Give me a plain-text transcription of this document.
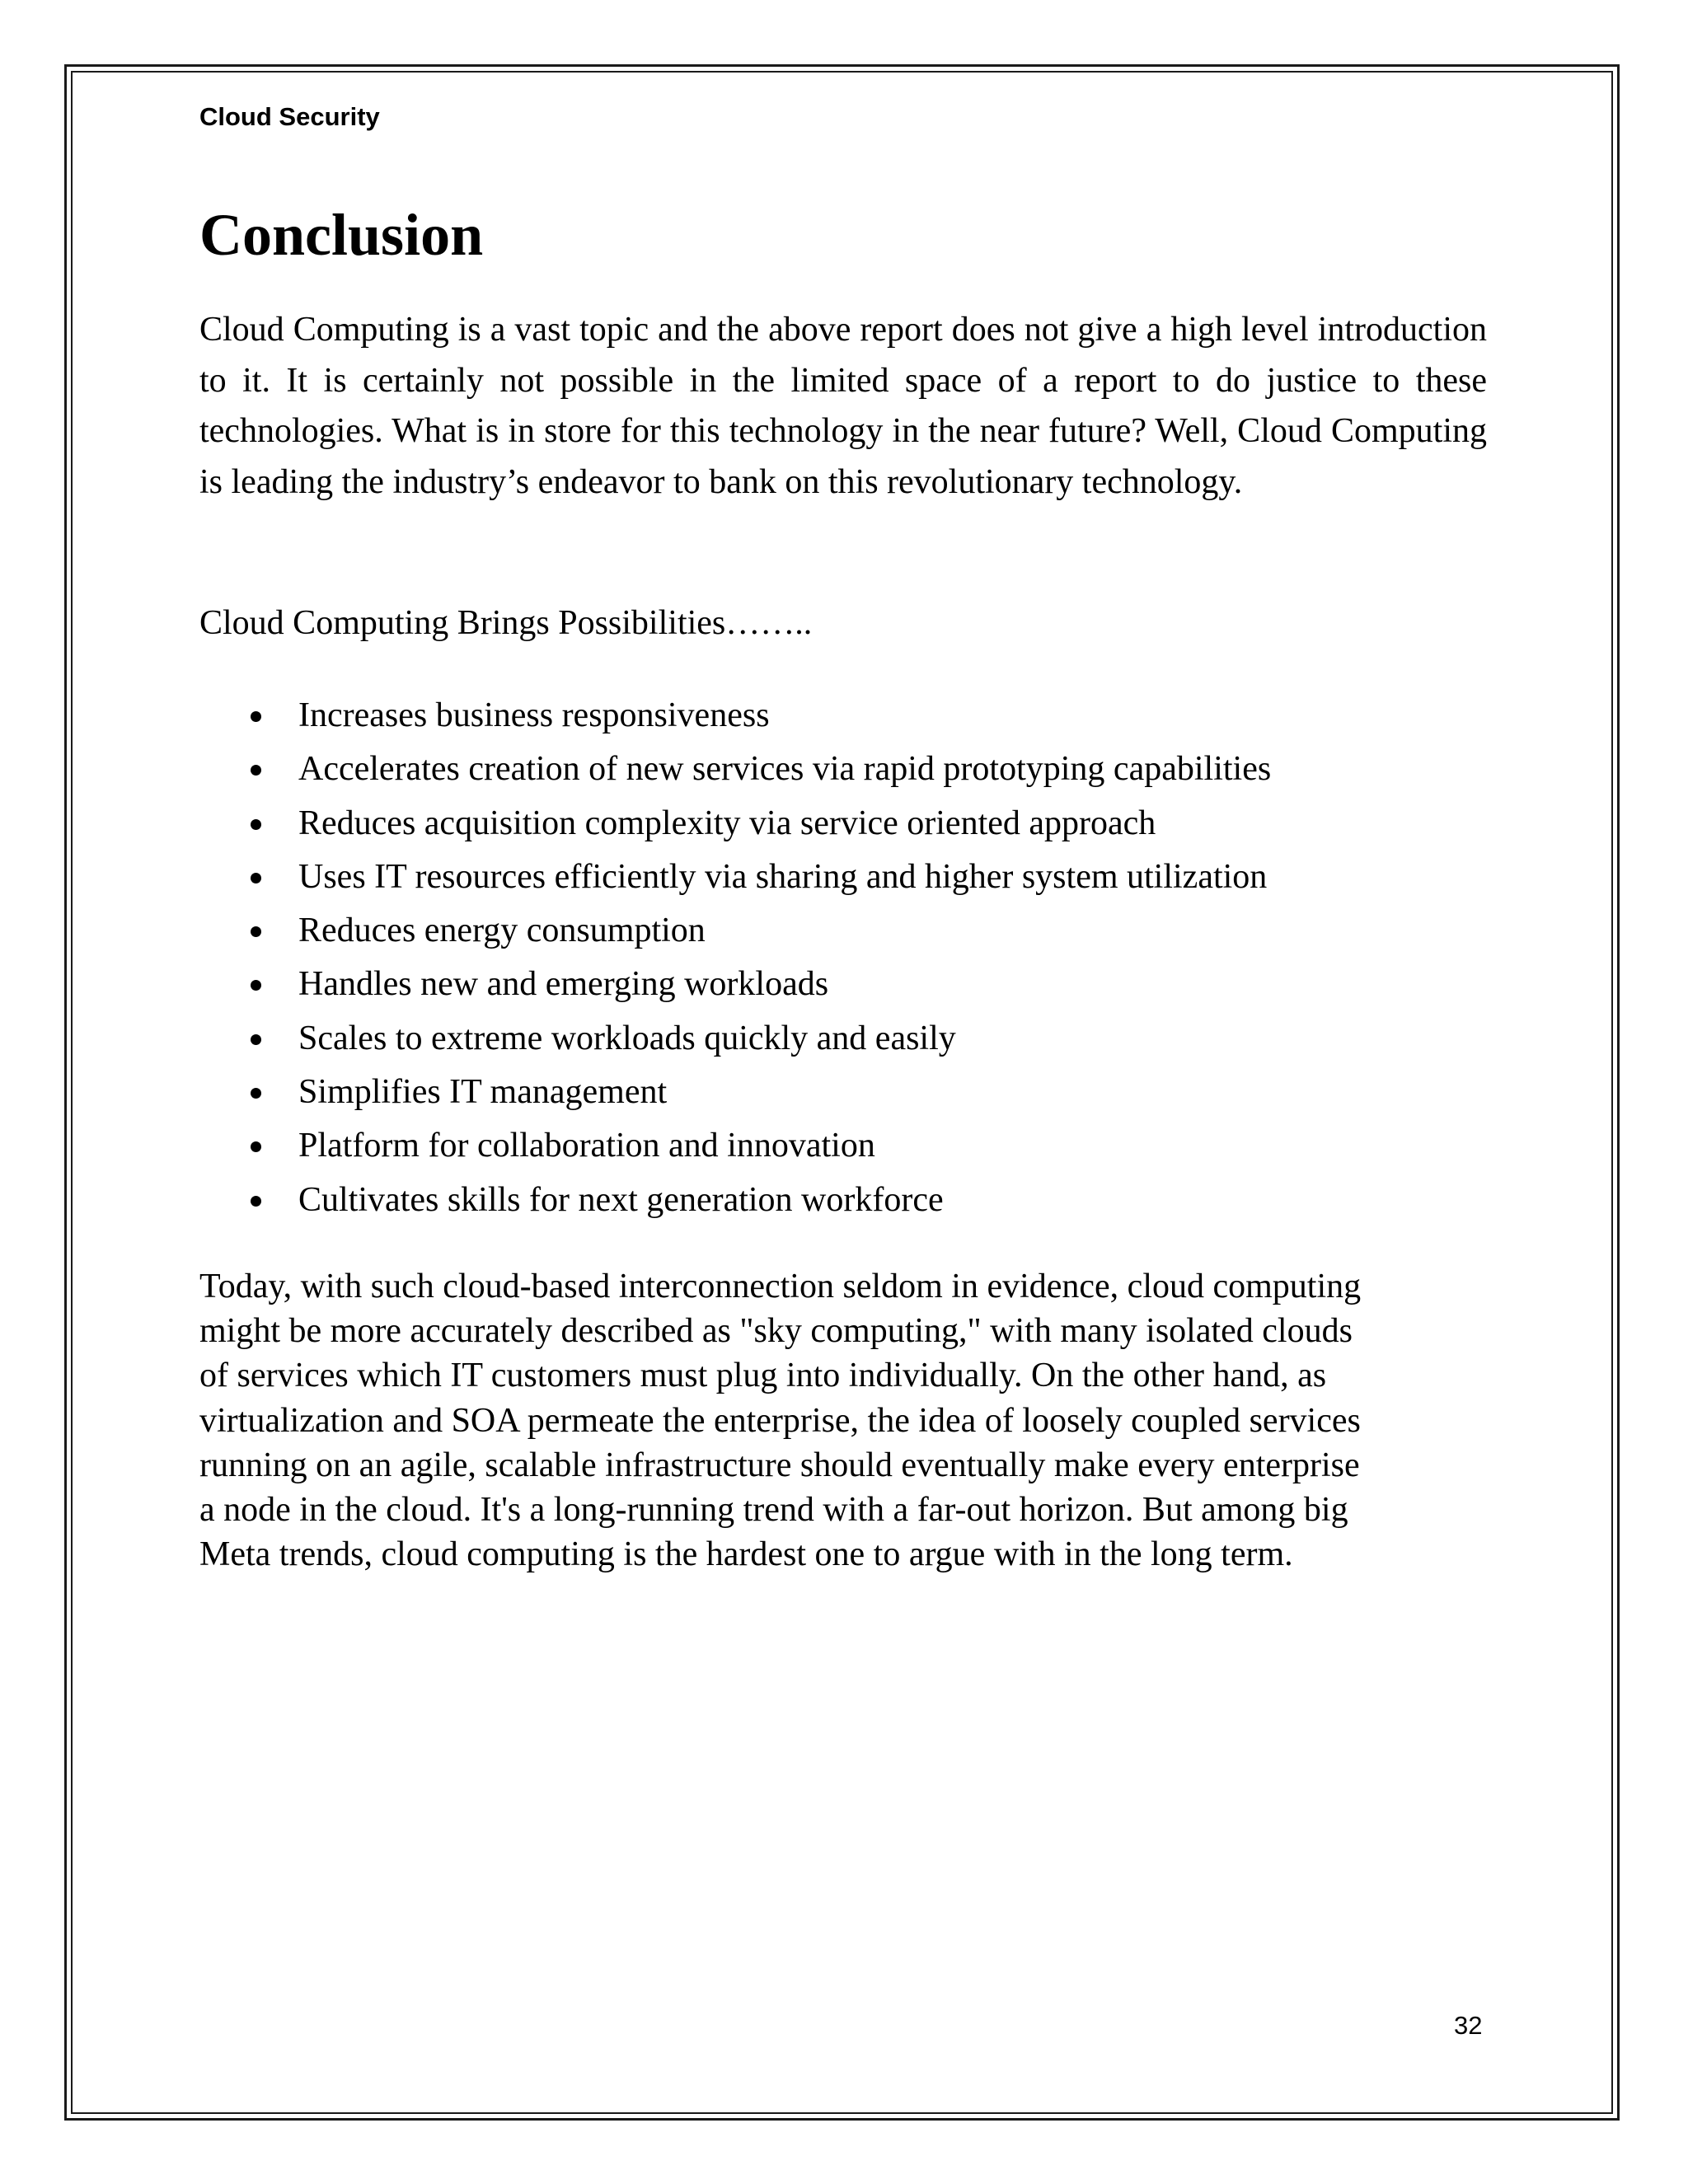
Cloud Security
Conclusion

Cloud Computing is a vast topic and the above report does not give a high level introduction to it. It is certainly not possible in the limited space of a report to do justice to these technologies. What is in store for this technology in the near future? Well, Cloud Computing is leading the industry’s endeavor to bank on this revolutionary technology.

Cloud Computing Brings Possibilities……..

Increases business responsiveness
Accelerates creation of new services via rapid prototyping capabilities
Reduces acquisition complexity via service oriented approach
Uses IT resources efficiently via sharing and higher system utilization
Reduces energy consumption
Handles new and emerging workloads
Scales to extreme workloads quickly and easily
Simplifies IT management
Platform for collaboration and innovation
Cultivates skills for next generation workforce

Today, with such cloud-based interconnection seldom in evidence, cloud computing
might be more accurately described as "sky computing," with many isolated clouds
of services which IT customers must plug into individually. On the other hand, as
virtualization and SOA permeate the enterprise, the idea of loosely coupled services
running on an agile, scalable infrastructure should eventually make every enterprise
a node in the cloud. It's a long-running trend with a far-out horizon. But among big
Meta trends, cloud computing is the hardest one to argue with in the long term.

32
